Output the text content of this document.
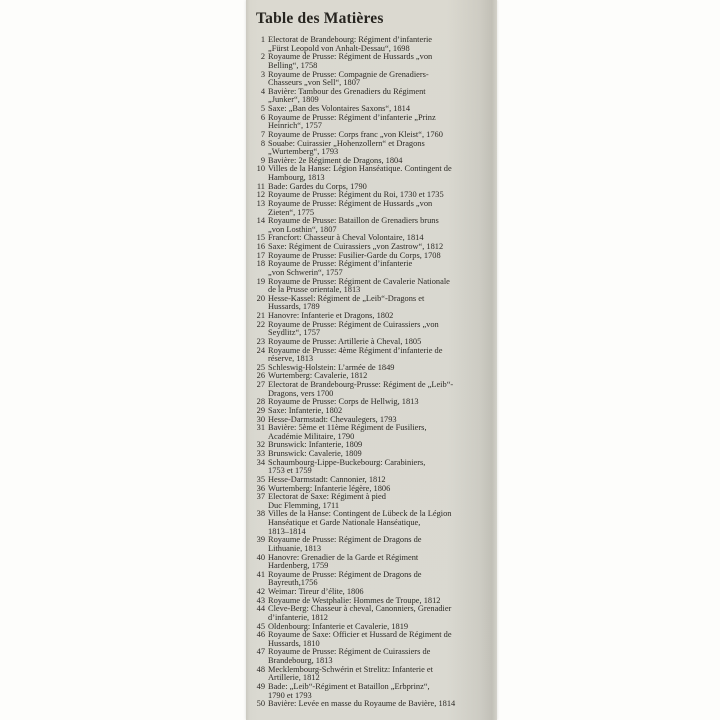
Table des Matières
1 Electorat de Brandebourg: Régiment d’infanterie
„Fürst Leopold von Anhalt-Dessau“, 1698
2 Royaume de Prusse: Régiment de Hussards „von
Belling“, 1758
3 Royaume de Prusse: Compagnie de Grenadiers-
Chasseurs „von Sell“, 1807
4 Bavière: Tambour des Grenadiers du Régiment
„Junker“, 1809
5 Saxe: „Ban des Volontaires Saxons“, 1814
6 Royaume de Prusse: Régiment d’infanterie „Prinz
Heinrich“, 1757
7 Royaume de Prusse: Corps franc „von Kleist“, 1760
8 Souabe: Cuirassier „Hohenzollern“ et Dragons
„Wurtemberg“, 1793
9 Bavière: 2e Régiment de Dragons, 1804
10 Villes de la Hanse: Légion Hanséatique. Contingent de
Hambourg, 1813
11 Bade: Gardes du Corps, 1790
12 Royaume de Prusse: Régiment du Roi, 1730 et 1735
13 Royaume de Prusse: Régiment de Hussards „von
Zieten“, 1775
14 Royaume de Prusse: Bataillon de Grenadiers bruns
„von Losthin“, 1807
15 Francfort: Chasseur à Cheval Volontaire, 1814
16 Saxe: Régiment de Cuirassiers „von Zastrow“, 1812
17 Royaume de Prusse: Fusilier-Garde du Corps, 1708
18 Royaume de Prusse: Régiment d’infanterie
„von Schwerin“, 1757
19 Royaume de Prusse: Régiment de Cavalerie Nationale
de la Prusse orientale, 1813
20 Hesse-Kassel: Régiment de „Leib“-Dragons et
Hussards, 1789
21 Hanovre: Infanterie et Dragons, 1802
22 Royaume de Prusse: Régiment de Cuirassiers „von
Seydlitz“, 1757
23 Royaume de Prusse: Artillerie à Cheval, 1805
24 Royaume de Prusse: 4ème Régiment d’infanterie de
réserve, 1813
25 Schleswig-Holstein: L’armée de 1849
26 Wurtemberg: Cavalerie, 1812
27 Electorat de Brandebourg-Prusse: Régiment de „Leib“-
Dragons, vers 1700
28 Royaume de Prusse: Corps de Hellwig, 1813
29 Saxe: Infanterie, 1802
30 Hesse-Darmstadt: Chevaulegers, 1793
31 Bavière: 5ème et 11ème Régiment de Fusiliers,
Académie Militaire, 1790
32 Brunswick: Infanterie, 1809
33 Brunswick: Cavalerie, 1809
34 Schaumbourg-Lippe-Buckebourg: Carabiniers,
1753 et 1759
35 Hesse-Darmstadt: Cannonier, 1812
36 Wurtemberg: Infanterie légère, 1806
37 Electorat de Saxe: Régiment à pied
Duc Flemming, 1711
38 Villes de la Hanse: Contingent de Lübeck de la Légion
Hanséatique et Garde Nationale Hanséatique,
1813–1814
39 Royaume de Prusse: Régiment de Dragons de
Lithuanie, 1813
40 Hanovre: Grenadier de la Garde et Régiment
Hardenberg, 1759
41 Royaume de Prusse: Régiment de Dragons de
Bayreuth,1756
42 Weimar: Tireur d’élite, 1806
43 Royaume de Westphalie: Hommes de Troupe, 1812
44 Cleve-Berg: Chasseur à cheval, Canonniers, Grenadier
d’infanterie, 1812
45 Oldenbourg: Infanterie et Cavalerie, 1819
46 Royaume de Saxe: Officier et Hussard de Régiment de
Hussards, 1810
47 Royaume de Prusse: Régiment de Cuirassiers de
Brandebourg, 1813
48 Mecklembourg-Schwérin et Strelitz: Infanterie et
Artillerie, 1812
49 Bade: „Leib“-Régiment et Bataillon „Erbprinz“,
1790 et 1793
50 Bavière: Levée en masse du Royaume de Bavière, 1814
